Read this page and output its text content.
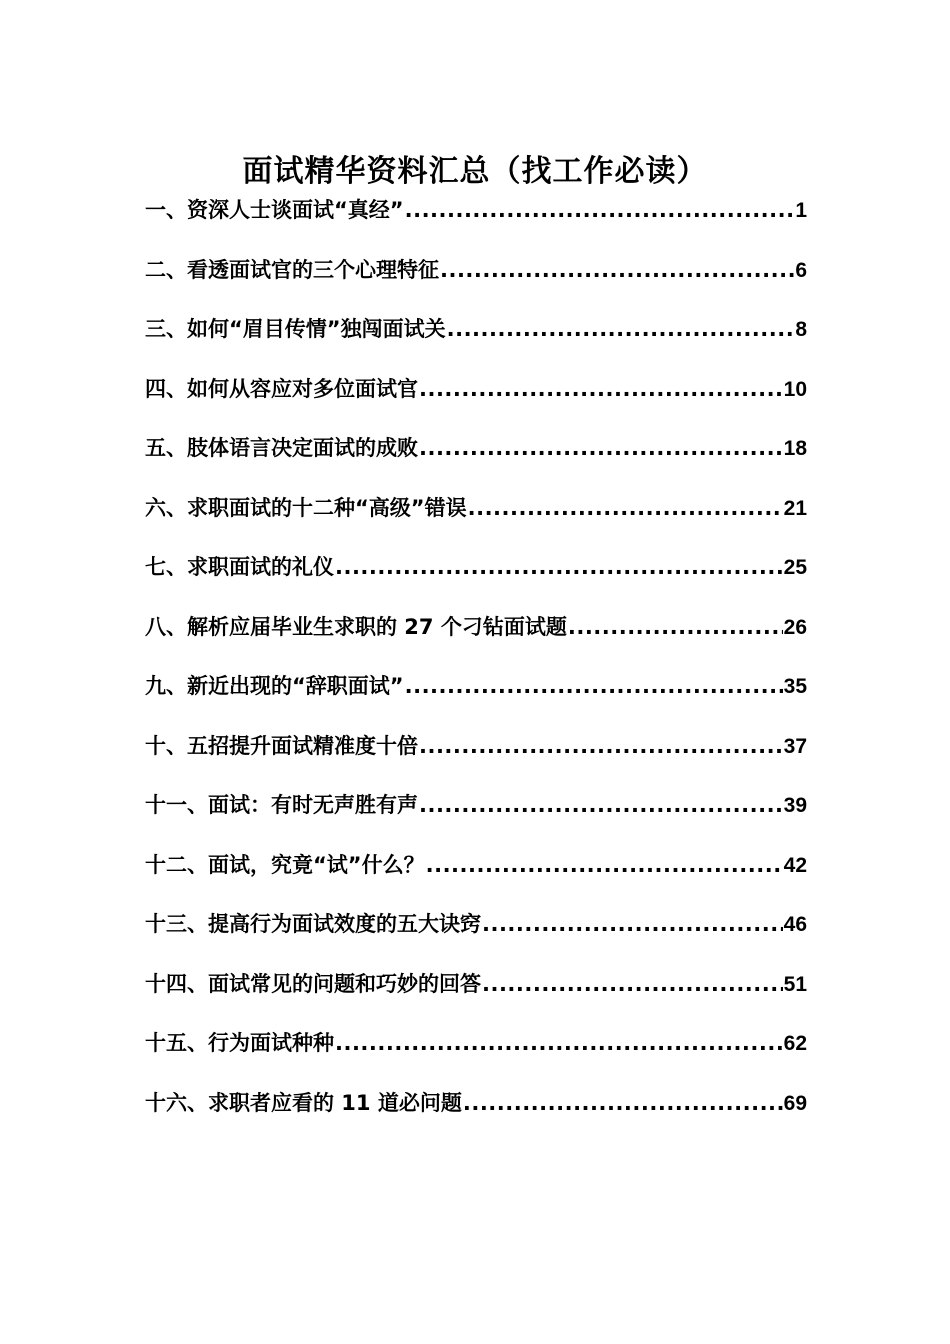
面试精华资料汇总（找工作必读）
一、资深人士谈面试“真经” .....	1
二、看透面试官的三个心理特征 .....	6
三、如何“眉目传情”独闯面试关 .....	8
四、如何从容应对多位面试官 .....	10
五、肢体语言决定面试的成败 .....	18
六、求职面试的十二种“高级”错误 .....	21
七、求职面试的礼仪 .....	25
八、解析应届毕业生求职的 27 个刁钻面试题 .....	26
九、新近出现的“辞职面试” .....	35
十、五招提升面试精准度十倍 .....	37
十一、面试：有时无声胜有声 .....	39
十二、面试，究竟“试”什么？ .....	42
十三、提高行为面试效度的五大诀窍 .....	46
十四、面试常见的问题和巧妙的回答 .....	51
十五、行为面试种种 .....	62
十六、求职者应看的 11 道必问题 .....	69
